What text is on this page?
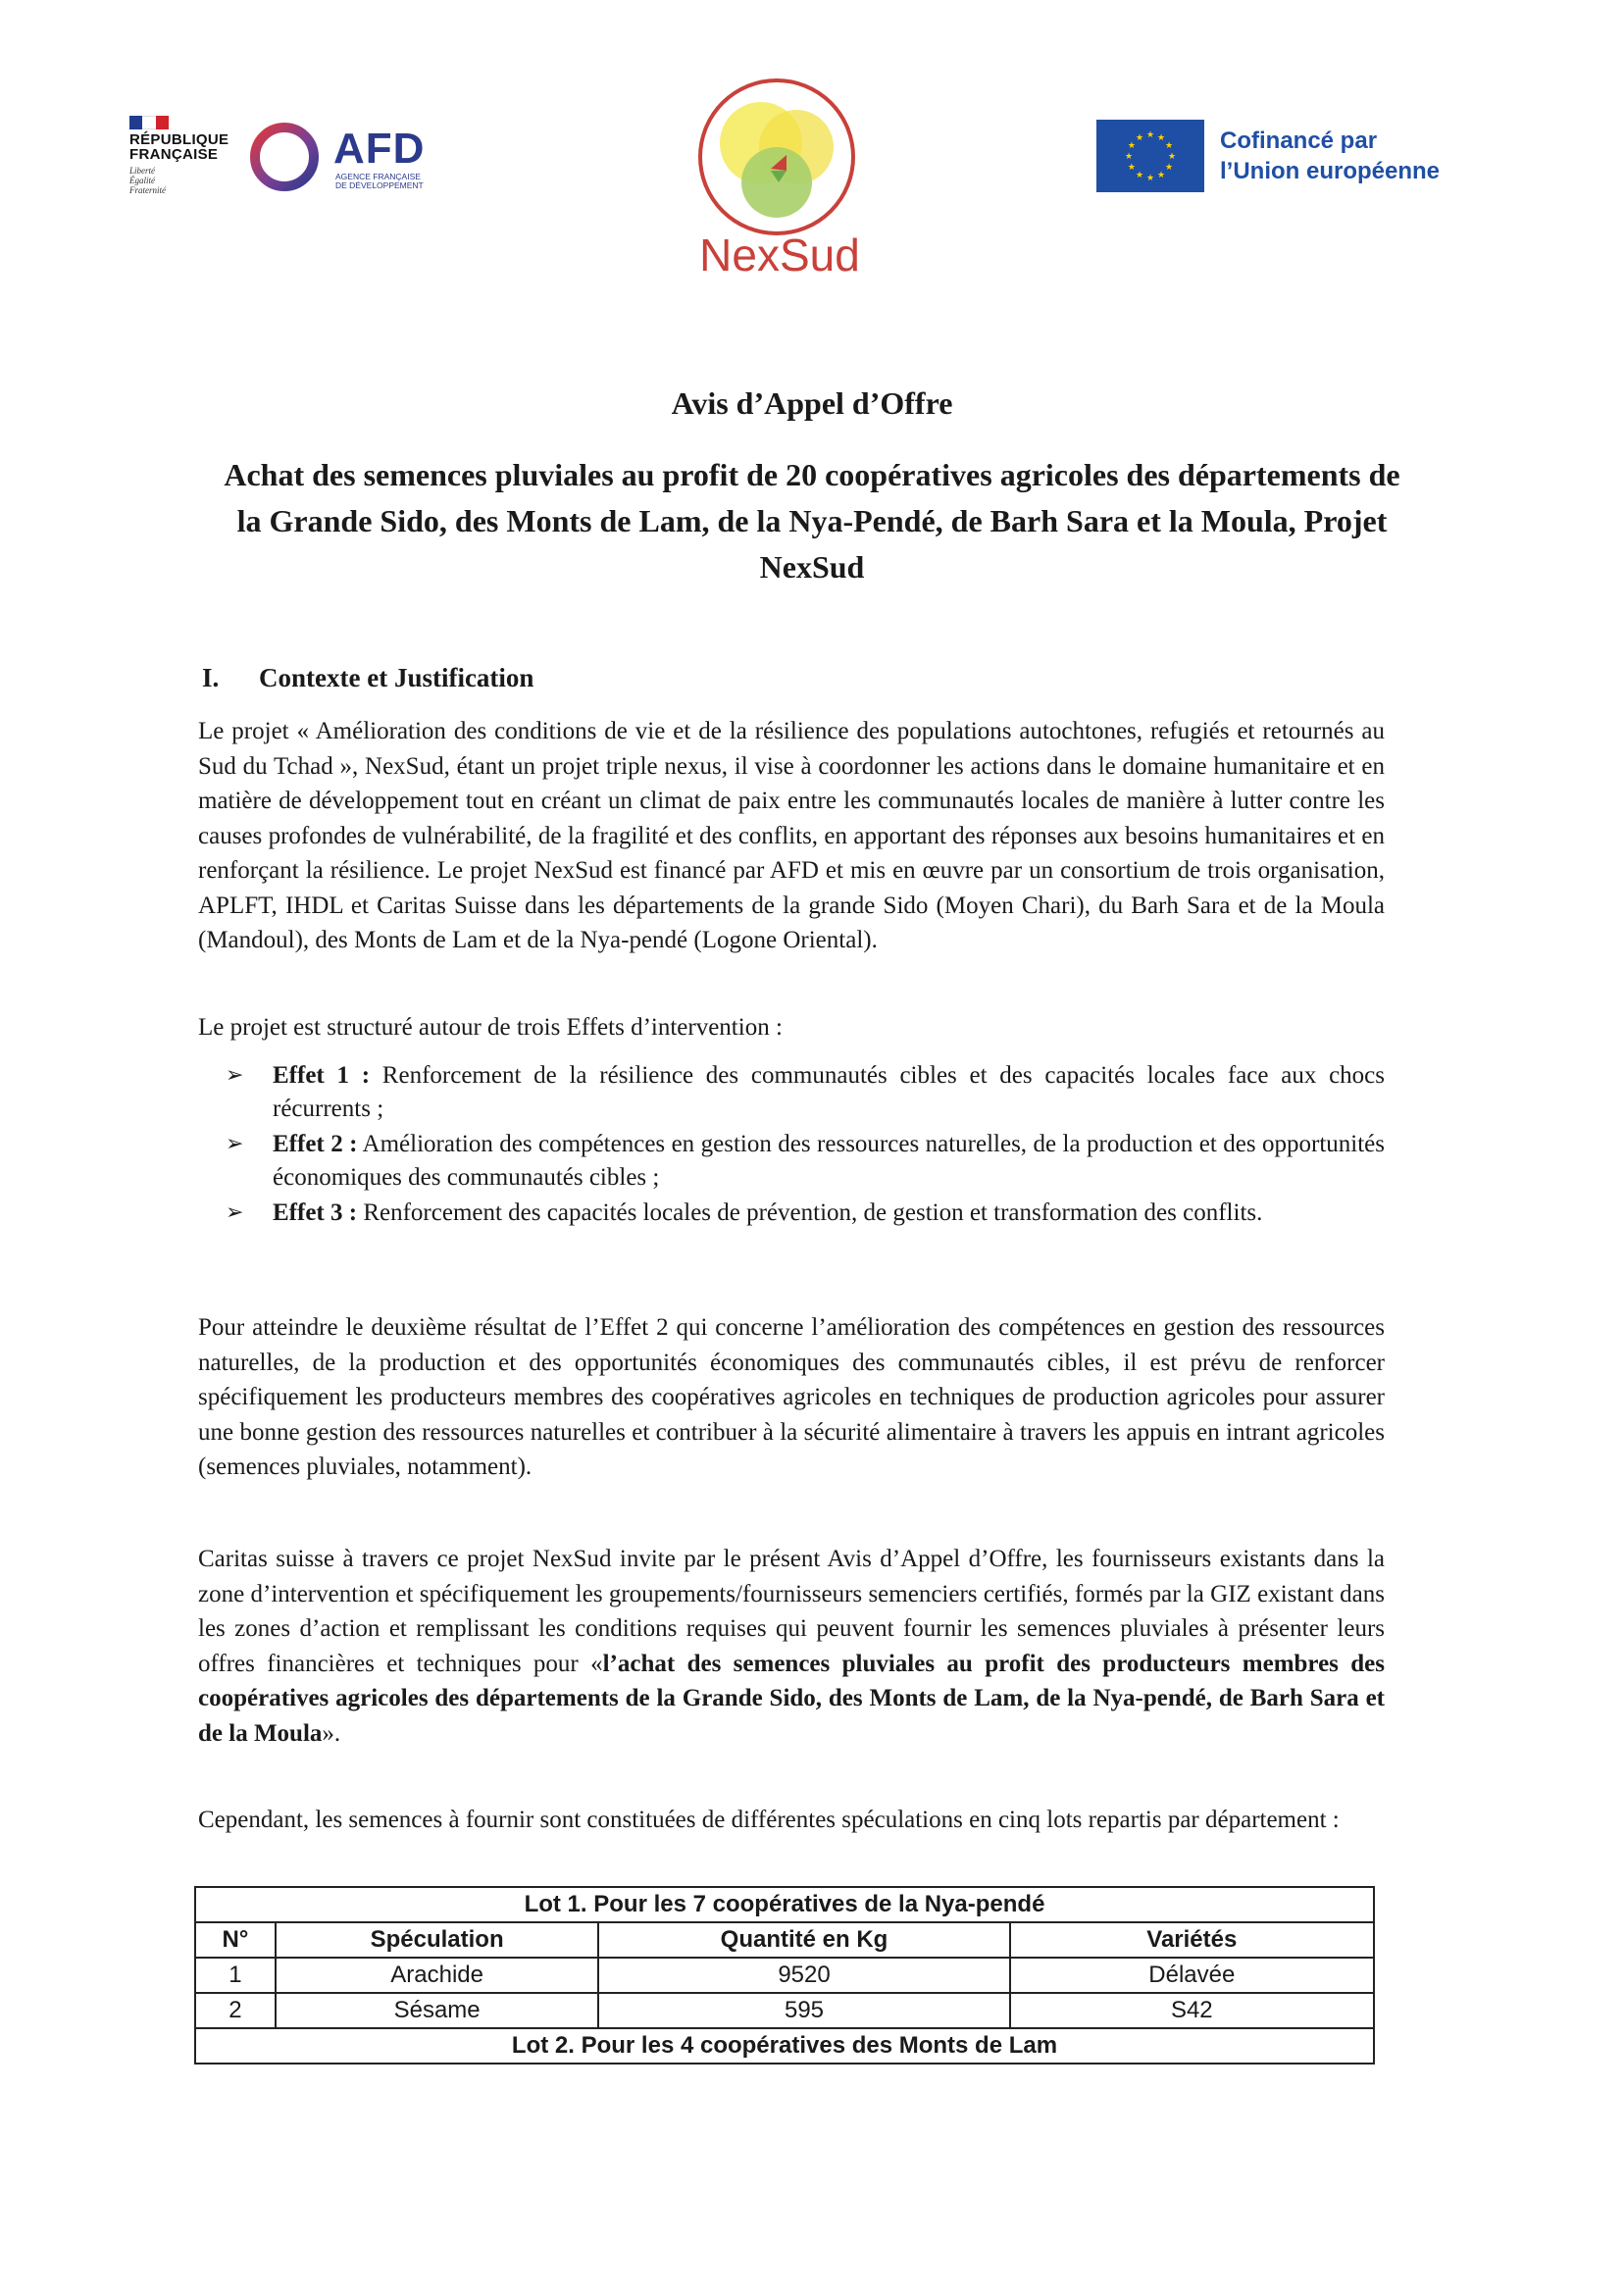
RÉPUBLIQUE
FRANÇAISE
Liberté
Égalité
Fraternité
AFD
AGENCE FRANÇAISE
DE DÉVELOPPEMENT
NexSud
★ ★
★
★
★
★
★
★
★
★
★
★	Cofinancé par
l’Union européenne
Avis d’Appel d’Offre
Achat des semences pluviales au profit de 20 coopératives agricoles des départements de la Grande Sido, des Monts de Lam, de la Nya-Pendé, de Barh Sara et la Moula, Projet NexSud
I. Contexte et Justification
Le projet « Amélioration des conditions de vie et de la résilience des populations autochtones, refugiés et retournés au Sud du Tchad », NexSud, étant un projet triple nexus, il vise à coordonner les actions dans le domaine humanitaire et en matière de développement tout en créant un climat de paix entre les communautés locales de manière à lutter contre les causes profondes de vulnérabilité, de la fragilité et des conflits, en apportant des réponses aux besoins humanitaires et en renforçant la résilience. Le projet NexSud est financé par AFD et mis en œuvre par un consortium de trois organisation, APLFT, IHDL et Caritas Suisse dans les départements de la grande Sido (Moyen Chari), du Barh Sara et de la Moula (Mandoul), des Monts de Lam et de la Nya-pendé (Logone Oriental).
Le projet est structuré autour de trois Effets d’intervention :
➢ Effet 1 : Renforcement de la résilience des communautés cibles et des capacités locales face aux chocs récurrents ;
➢ Effet 2 : Amélioration des compétences en gestion des ressources naturelles, de la production et des opportunités économiques des communautés cibles ;
➢ Effet 3 : Renforcement des capacités locales de prévention, de gestion et transformation des conflits.
Pour atteindre le deuxième résultat de l’Effet 2 qui concerne l’amélioration des compétences en gestion des ressources naturelles, de la production et des opportunités économiques des communautés cibles, il est prévu de renforcer spécifiquement les producteurs membres des coopératives agricoles en techniques de production agricoles pour assurer une bonne gestion des ressources naturelles et contribuer à la sécurité alimentaire à travers les appuis en intrant agricoles (semences pluviales, notamment).
Caritas suisse à travers ce projet NexSud invite par le présent Avis d’Appel d’Offre, les fournisseurs existants dans la zone d’intervention et spécifiquement les groupements/fournisseurs semenciers certifiés, formés par la GIZ existant dans les zones d’action et remplissant les conditions requises qui peuvent fournir les semences pluviales à présenter leurs offres financières et techniques pour «l’achat des semences pluviales au profit des producteurs membres des coopératives agricoles des départements de la Grande Sido, des Monts de Lam, de la Nya-pendé, de Barh Sara et de la Moula».
Cependant, les semences à fournir sont constituées de différentes spéculations en cinq lots repartis par département :
Lot 1. Pour les 7 coopératives de la Nya-pendé			
N°	Spéculation	Quantité en Kg	Variétés
1	Arachide	9520	Délavée
2	Sésame	595	S42
Lot 2. Pour les 4 coopératives des Monts de Lam			
